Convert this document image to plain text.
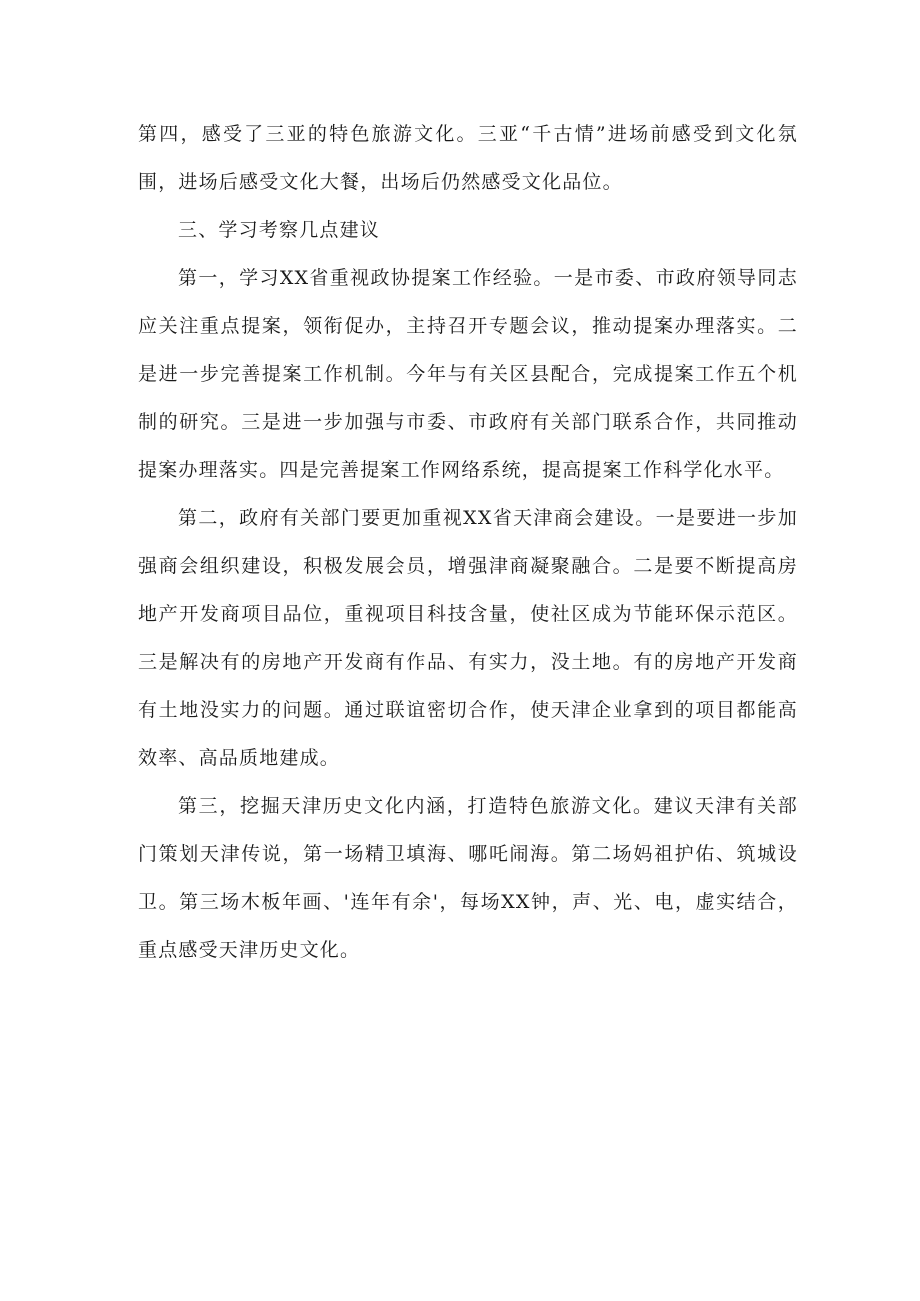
第四，感受了三亚的特色旅游文化。三亚“千古情”进场前感受到文化氛围，进场后感受文化大餐，出场后仍然感受文化品位。

三、学习考察几点建议

第一，学习XX省重视政协提案工作经验。一是市委、市政府领导同志应关注重点提案，领衔促办，主持召开专题会议，推动提案办理落实。二是进一步完善提案工作机制。今年与有关区县配合，完成提案工作五个机制的研究。三是进一步加强与市委、市政府有关部门联系合作，共同推动提案办理落实。四是完善提案工作网络系统，提高提案工作科学化水平。

第二，政府有关部门要更加重视XX省天津商会建设。一是要进一步加强商会组织建设，积极发展会员，增强津商凝聚融合。二是要不断提高房地产开发商项目品位，重视项目科技含量，使社区成为节能环保示范区。三是解决有的房地产开发商有作品、有实力，没土地。有的房地产开发商有土地没实力的问题。通过联谊密切合作，使天津企业拿到的项目都能高效率、高品质地建成。

第三，挖掘天津历史文化内涵，打造特色旅游文化。建议天津有关部门策划天津传说，第一场精卫填海、哪吒闹海。第二场妈祖护佑、筑城设卫。第三场木板年画、'连年有余'，每场XX钟，声、光、电，虚实结合，重点感受天津历史文化。
